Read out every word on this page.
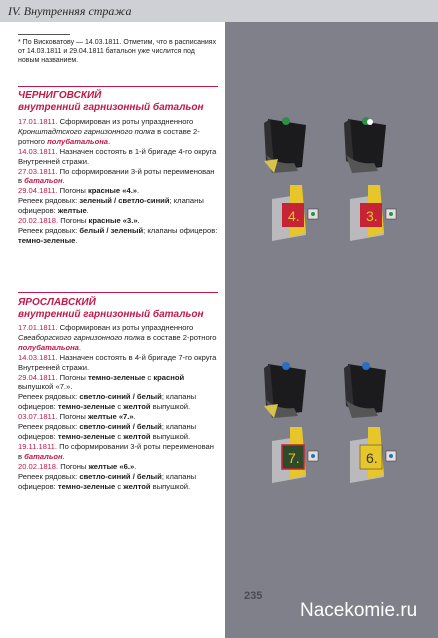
IV. Внутренняя стража
* По Висковатову — 14.03.1811. Отметим, что в расписаниях от 14.03.1811 и 29.04.1811 батальон уже числится под новым названием.
ЧЕРНИГОВСКИЙ
внутренний гарнизонный батальон

17.01.1811. Сформирован из роты упраздненного Кронштадтского гарнизонного полка в составе 2-ротного полубатальона.

14.03.1811. Назначен состоять в 1-й бригаде 4-го округа Внутренней стражи.

27.03.1811. По сформировании 3-й роты переименован в батальон.

29.04.1811. Погоны красные «4.».
Репеек рядовых: зеленый / светло-синий; клапаны офицеров: желтые.

20.02.1818. Погоны красные «3.».
Репеек рядовых: белый / зеленый; клапаны офицеров: темно-зеленые.

ЯРОСЛАВСКИЙ
внутренний гарнизонный батальон

17.01.1811. Сформирован из роты упраздненного Свеаборгского гарнизонного полка в составе 2-ротного полубатальона.

14.03.1811. Назначен состоять в 4-й бригаде 7-го округа Внутренней стражи.

29.04.1811. Погоны темно-зеленые с красной выпушкой «7.».
Репеек рядовых: светло-синий / белый; клапаны офицеров: темно-зеленые с желтой выпушкой.

03.07.1811. Погоны желтые «7.».
Репеек рядовых: светло-синий / белый; клапаны офицеров: темно-зеленые с желтой выпушкой.

19.11.1811. По сформировании 3-й роты переименован в батальон.

20.02.1818. Погоны желтые «6.».
Репеек рядовых: светло-синий / белый; клапаны офицеров: темно-зеленые с желтой выпушкой.

4.	3.
7.	6.
235
Nacekomie.ru
